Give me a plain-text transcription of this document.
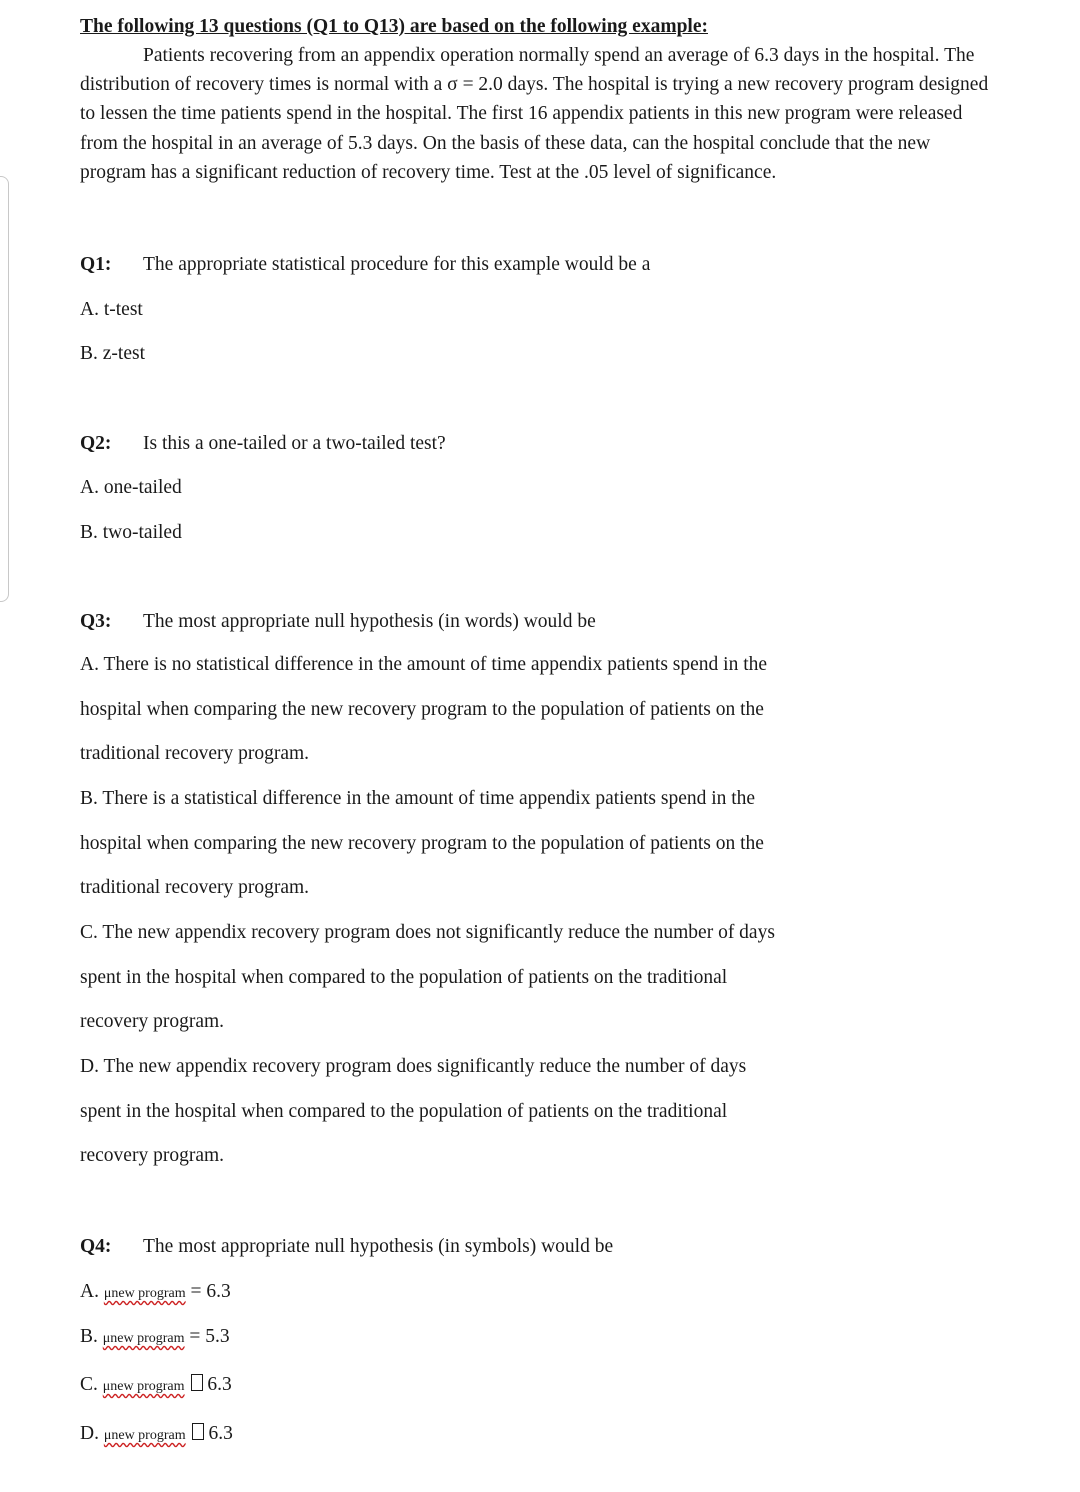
The following 13 questions (Q1 to Q13) are based on the following example:

Patients recovering from an appendix operation normally spend an average of 6.3 days in the hospital. The distribution of recovery times is normal with a σ = 2.0 days. The hospital is trying a new recovery program designed to lessen the time patients spend in the hospital. The first 16 appendix patients in this new program were released from the hospital in an average of 5.3 days. On the basis of these data, can the hospital conclude that the new program has a significant reduction of recovery time. Test at the .05 level of significance.

Q1: The appropriate statistical procedure for this example would be a

A. t-test

B. z-test

Q2: Is this a one-tailed or a two-tailed test?

A. one-tailed

B. two-tailed

Q3: The most appropriate null hypothesis (in words) would be

A. There is no statistical difference in the amount of time appendix patients spend in the hospital when comparing the new recovery program to the population of patients on the traditional recovery program.

B. There is a statistical difference in the amount of time appendix patients spend in the hospital when comparing the new recovery program to the population of patients on the traditional recovery program.

C. The new appendix recovery program does not significantly reduce the number of days spent in the hospital when compared to the population of patients on the traditional recovery program.

D. The new appendix recovery program does significantly reduce the number of days spent in the hospital when compared to the population of patients on the traditional recovery program.

Q4: The most appropriate null hypothesis (in symbols) would be

A. μnew program = 6.3

B. μnew program = 5.3

C. μnew program 6.3

D. μnew program 6.3
